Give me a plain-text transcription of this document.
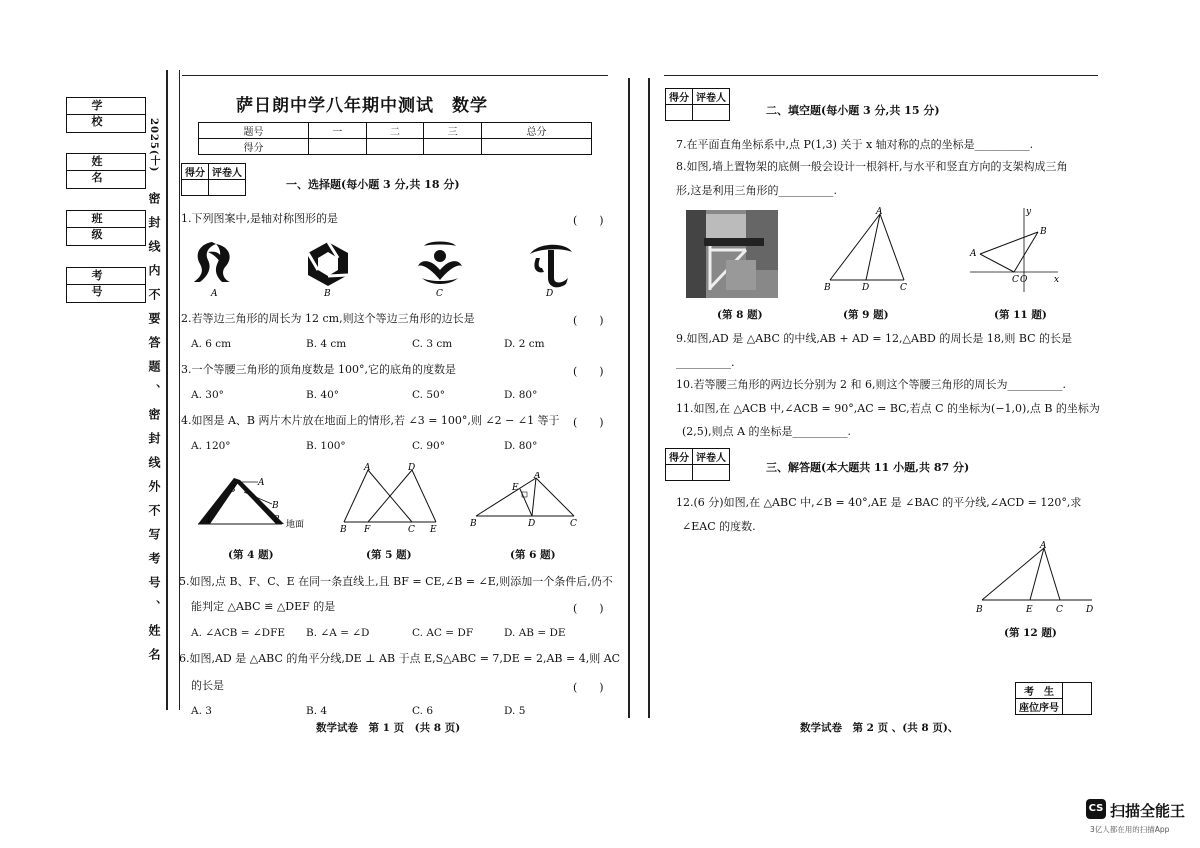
学 校
姓 名
班 级
考 号
2025(十)
密封线内不要答题、密封线外不写考号、姓名
萨日朗中学八年期中测试　数学
题号	一	二	三	总分
得分				
得分	评卷人

一、选择题(每小题 3 分,共 18 分)
1.下列图案中,是轴对称图形的是	(　　)
A	B	C	D
2.若等边三角形的周长为 12 cm,则这个等边三角形的边长是	(　　)
A. 6 cm	B. 4 cm	C. 3 cm	D. 2 cm
3.一个等腰三角形的顶角度数是 100°,它的底角的度数是	(　　)
A. 30°	B. 40°	C. 50°	D. 80°
4.如图是 A、B 两片木片放在地面上的情形,若 ∠3 = 100°,则 ∠2 − ∠1 等于 (　　)
A. 120°	B. 100°	C. 90°	D. 80°
A
B
3
1	2 地面
A	D
B F	C E
A
E
B	D	C
(第 4 题)	(第 5 题)	(第 6 题)
5.如图,点 B、F、C、E 在同一条直线上,且 BF = CE,∠B = ∠E,则添加一个条件后,仍不
能判定 △ABC ≌ △DEF 的是	(　　)
A. ∠ACB = ∠DFE B. ∠A = ∠D	C. AC = DF	D. AB = DE
6.如图,AD 是 △ABC 的角平分线,DE ⊥ AB 于点 E,S△ABC = 7,DE = 2,AB = 4,则 AC
的长是	(　　)
A. 3	B. 4	C. 6	D. 5
数学试卷　第 1 页　(共 8 页)
得分	评卷人

二、填空题(每小题 3 分,共 15 分)
7.在平面直角坐标系中,点 P(1,3) 关于 x 轴对称的点的坐标是__________.
8.如图,墙上置物架的底侧一般会设计一根斜杆,与水平和竖直方向的支架构成三角
形,这是利用三角形的__________.
A
B	D	C
y
x
A
B
C O
(第 8 题)	(第 9 题)	(第 11 题)
9.如图,AD 是 △ABC 的中线,AB + AD = 12,△ABD 的周长是 18,则 BC 的长是
__________.
10.若等腰三角形的两边长分别为 2 和 6,则这个等腰三角形的周长为__________.
11.如图,在 △ACB 中,∠ACB = 90°,AC = BC,若点 C 的坐标为(−1,0),点 B 的坐标为
(2,5),则点 A 的坐标是__________.
得分	评卷人

三、解答题(本大题共 11 小题,共 87 分)
12.(6 分)如图,在 △ABC 中,∠B = 40°,AE 是 ∠BAC 的平分线,∠ACD = 120°,求
∠EAC 的度数.
A
B	E	C	D
(第 12 题)
考　生	
座位序号
数学试卷　第 2 页 、(共 8 页)、
CS 扫描全能王
3亿人都在用的扫描App
